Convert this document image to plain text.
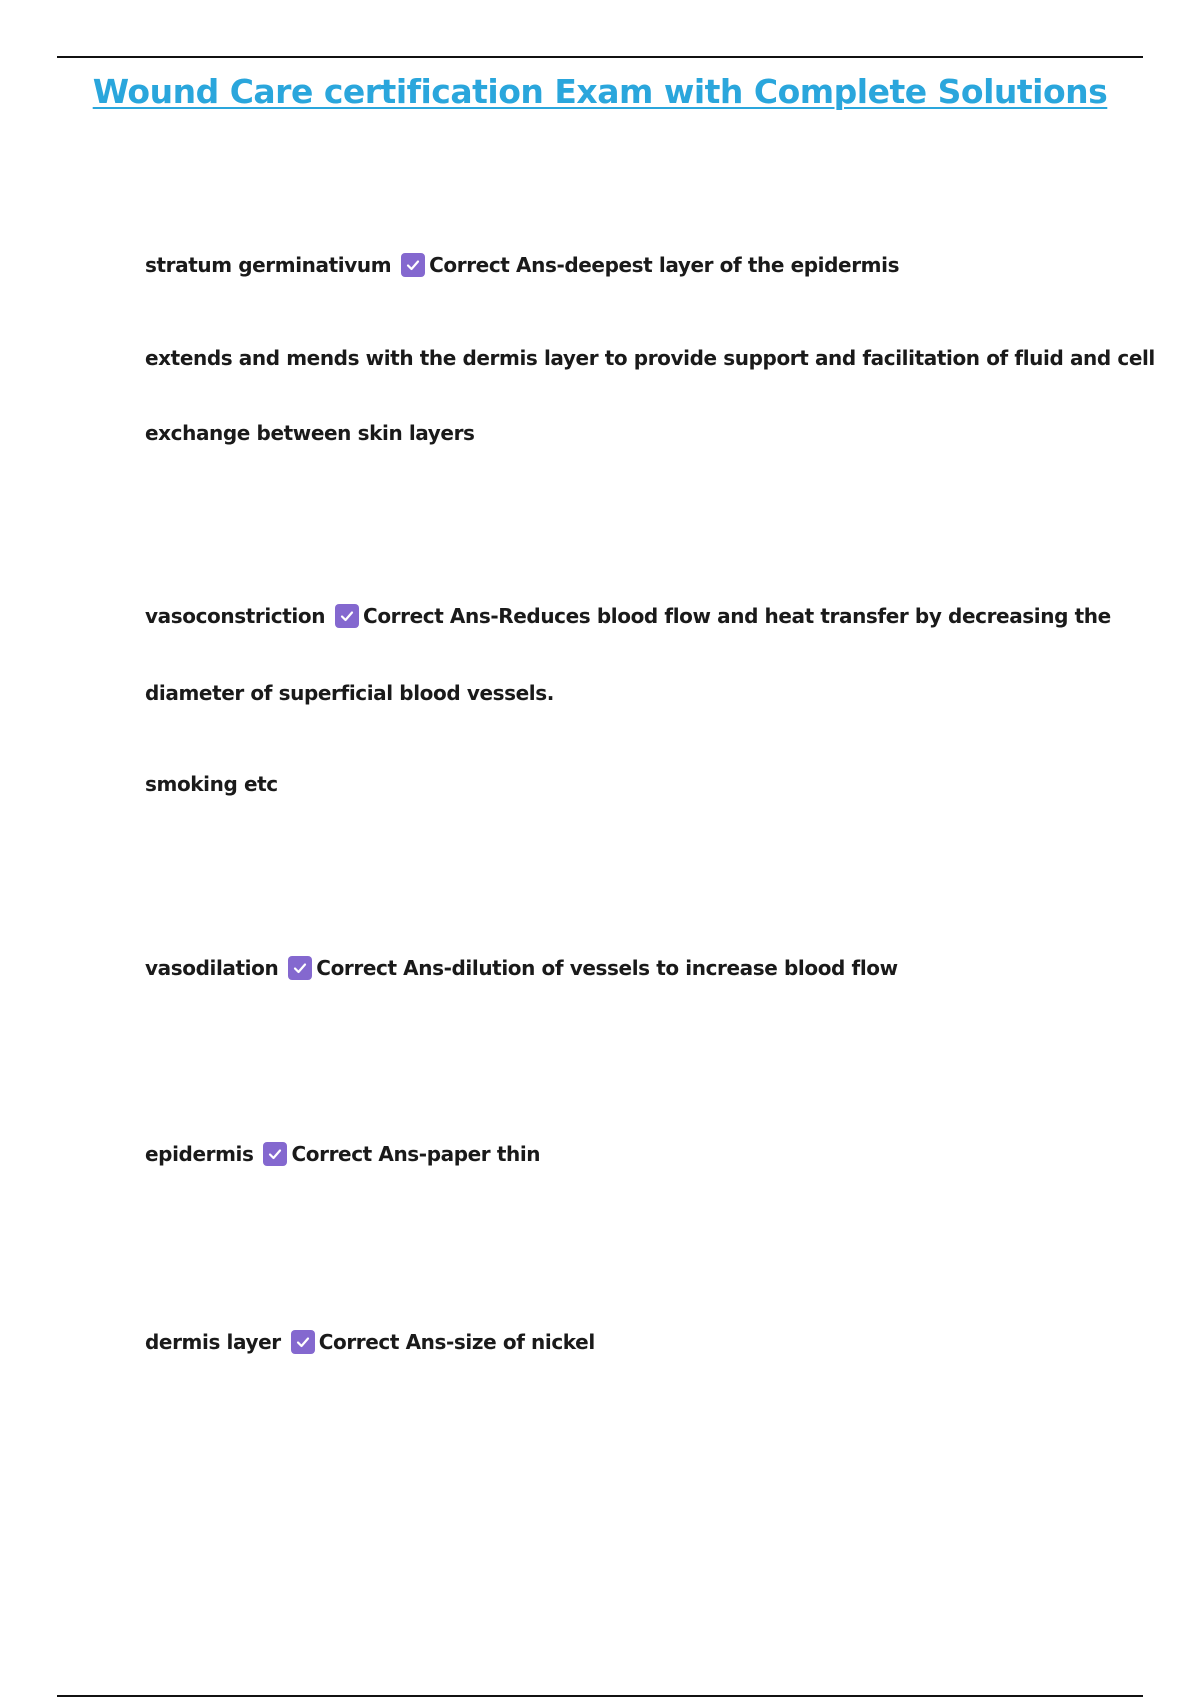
Wound Care certification Exam with Complete Solutions
stratum germinativum Correct Ans-deepest layer of the epidermis
extends and mends with the dermis layer to provide support and facilitation of fluid and cell
exchange between skin layers
vasoconstriction Correct Ans-Reduces blood flow and heat transfer by decreasing the
diameter of superficial blood vessels.
smoking etc
vasodilation Correct Ans-dilution of vessels to increase blood flow
epidermis Correct Ans-paper thin
dermis layer Correct Ans-size of nickel
